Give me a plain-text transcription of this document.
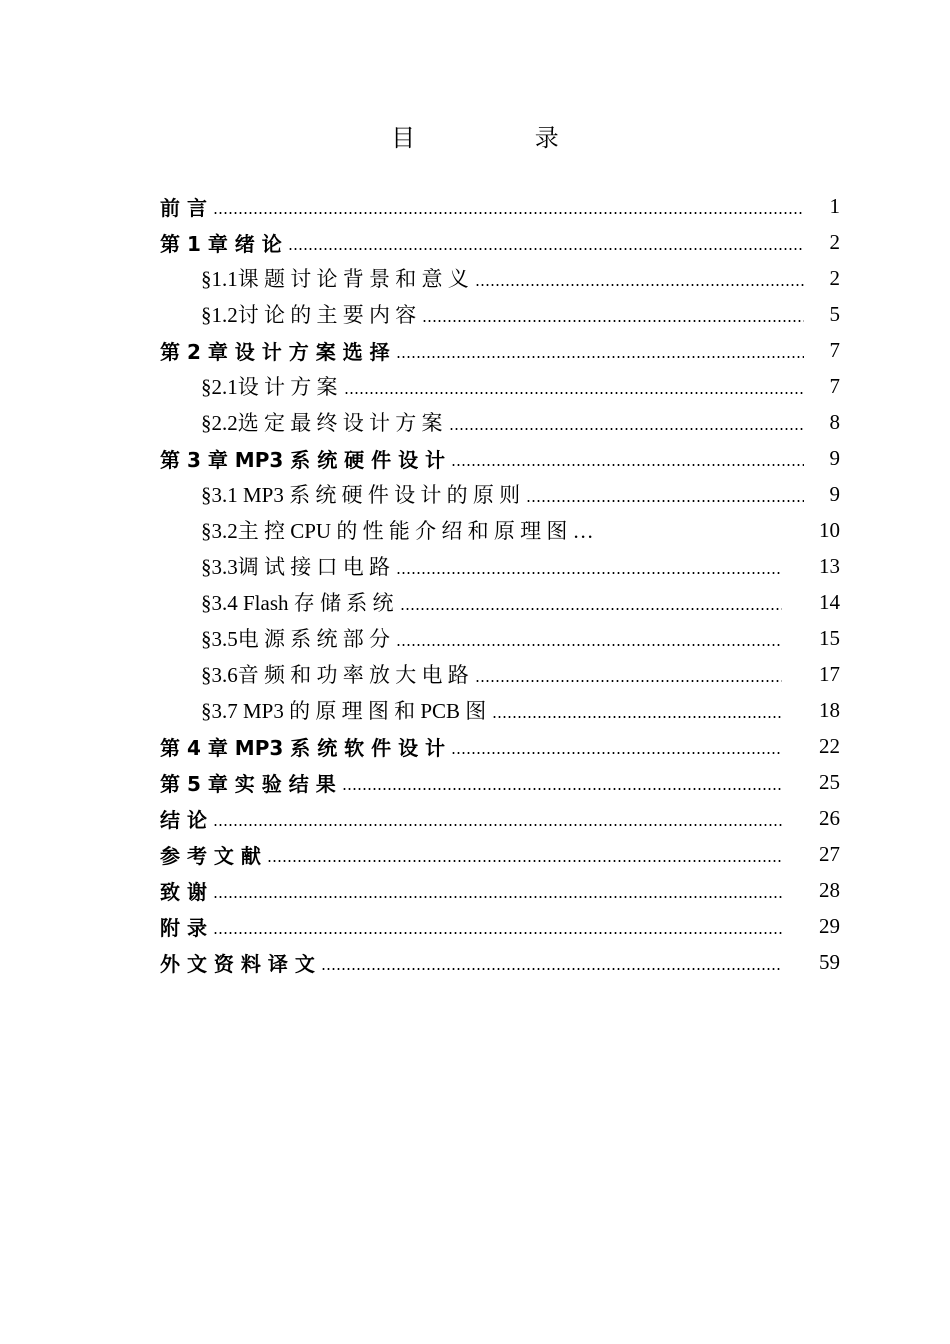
目 录
前 言	1
第 1 章 绪 论	2
§1.1课 题 讨 论 背 景 和 意 义	2
§1.2讨 论 的 主 要 内 容	5
第 2 章 设 计 方 案 选 择	7
§2.1设 计 方 案	7
§2.2选 定 最 终 设 计 方 案	8
第 3 章 MP3 系 统 硬 件 设 计	9
§3.1 MP3 系 统 硬 件 设 计 的 原 则	9
§3.2主 控 CPU 的 性 能 介 绍 和 原 理 图 …	10
§3.3调 试 接 口 电 路	13
§3.4 Flash 存 储 系 统	14
§3.5电 源 系 统 部 分	15
§3.6音 频 和 功 率 放 大 电 路	17
§3.7 MP3 的 原 理 图 和 PCB 图	18
第 4 章 MP3 系 统 软 件 设 计	22
第 5 章 实 验 结 果	25
结 论	26
参 考 文 献	27
致 谢	28
附 录	29
外 文 资 料 译 文	59
